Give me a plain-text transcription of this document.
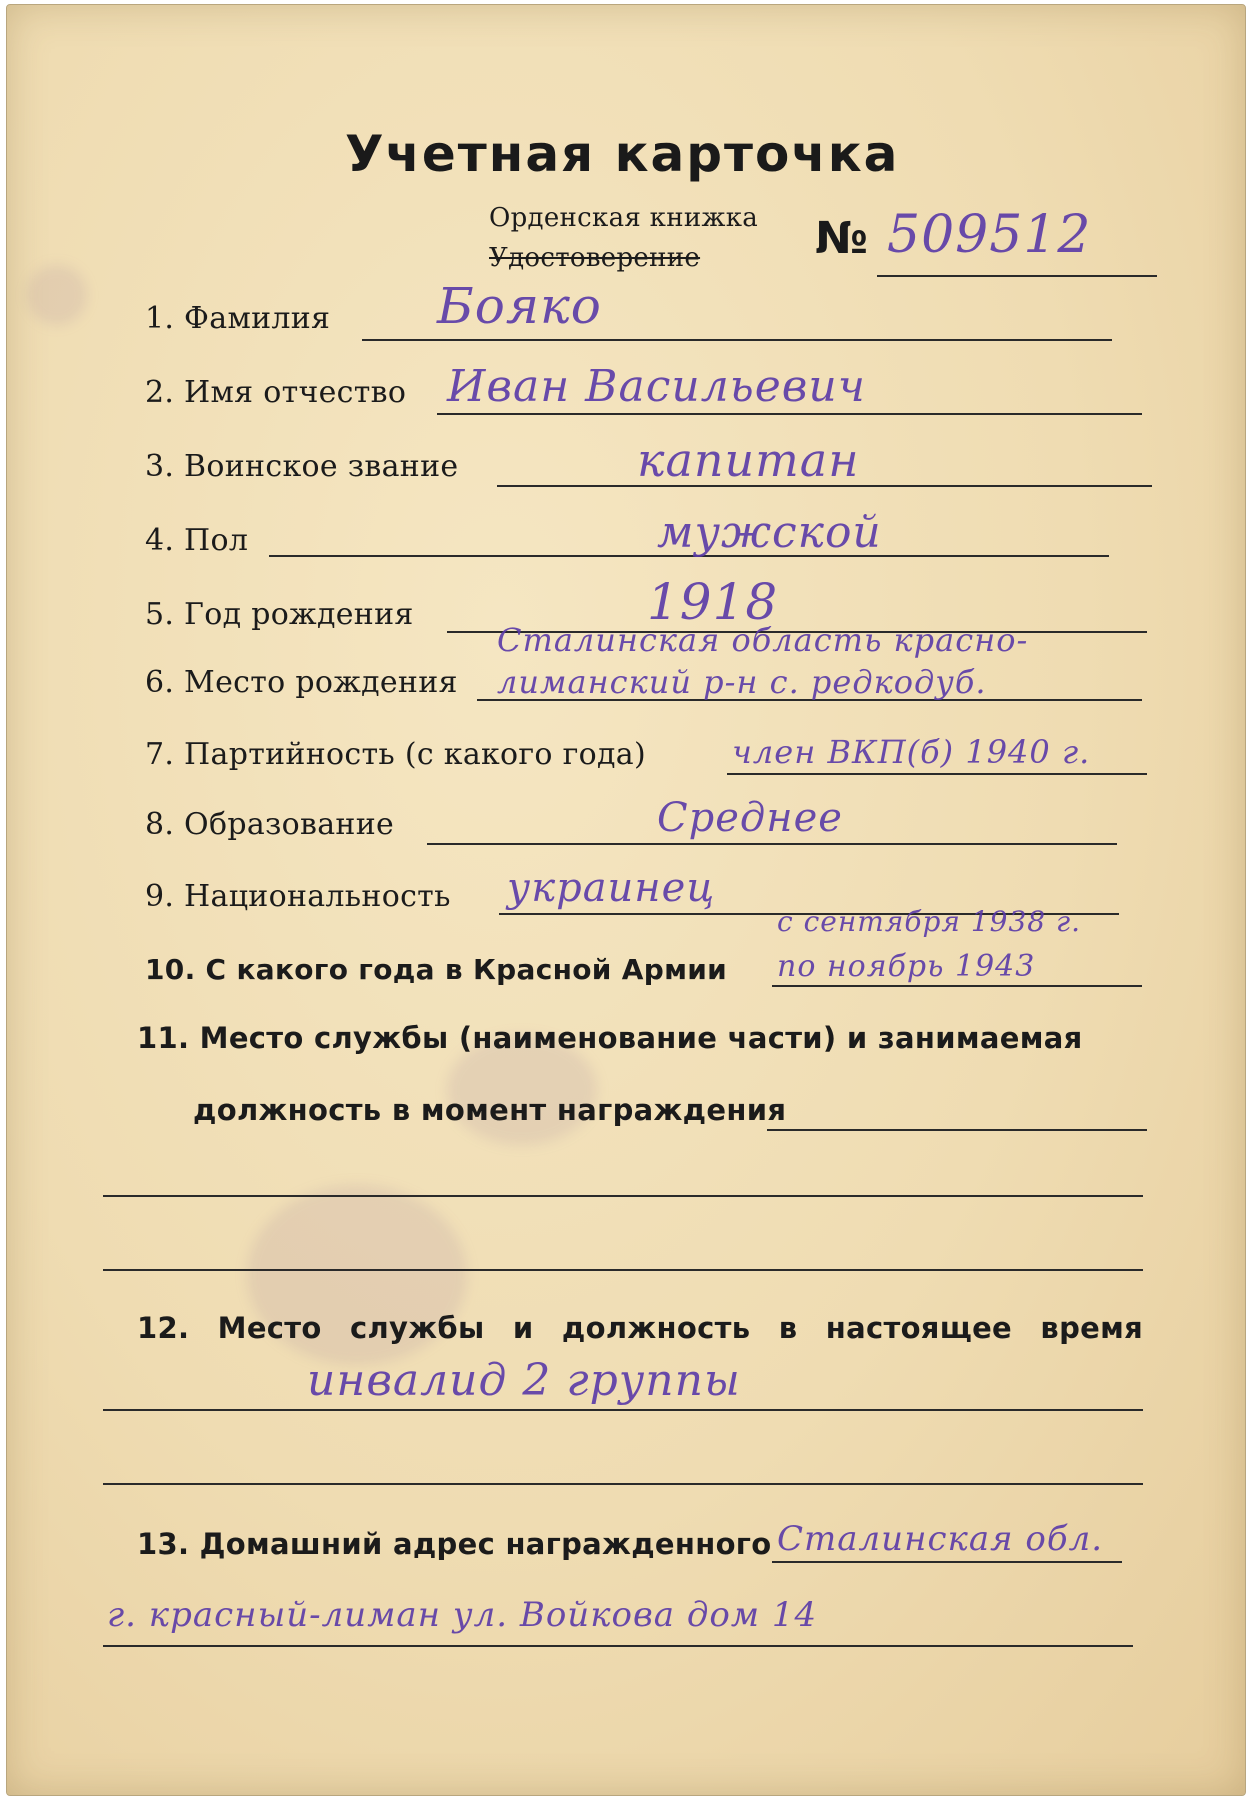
Учетная карточка
Орденская книжка
Удостоверение	№ 509512
1. Фамилия Бояко
2. Имя отчество Иван Васильевич
3. Воинское звание	капитан
4. Пол	мужской
5. Год рождения	1918
6. Место рождения
Сталинская область красно-
лиманский р-н с. редкодуб.
7. Партийность (с какого года)	член ВКП(б) 1940 г.
8. Образование	Среднее
9. Национальность украинец
10. С какого года в Красной Армии
с сентября 1938 г.
по ноябрь 1943
11. Место службы (наименование части) и занимаемая
должность в момент награждения
12. Место службы и должность в настоящее время
инвалид 2 группы
13. Домашний адрес награжденного Сталинская обл.
г. красный-лиман ул. Войкова дом 14
